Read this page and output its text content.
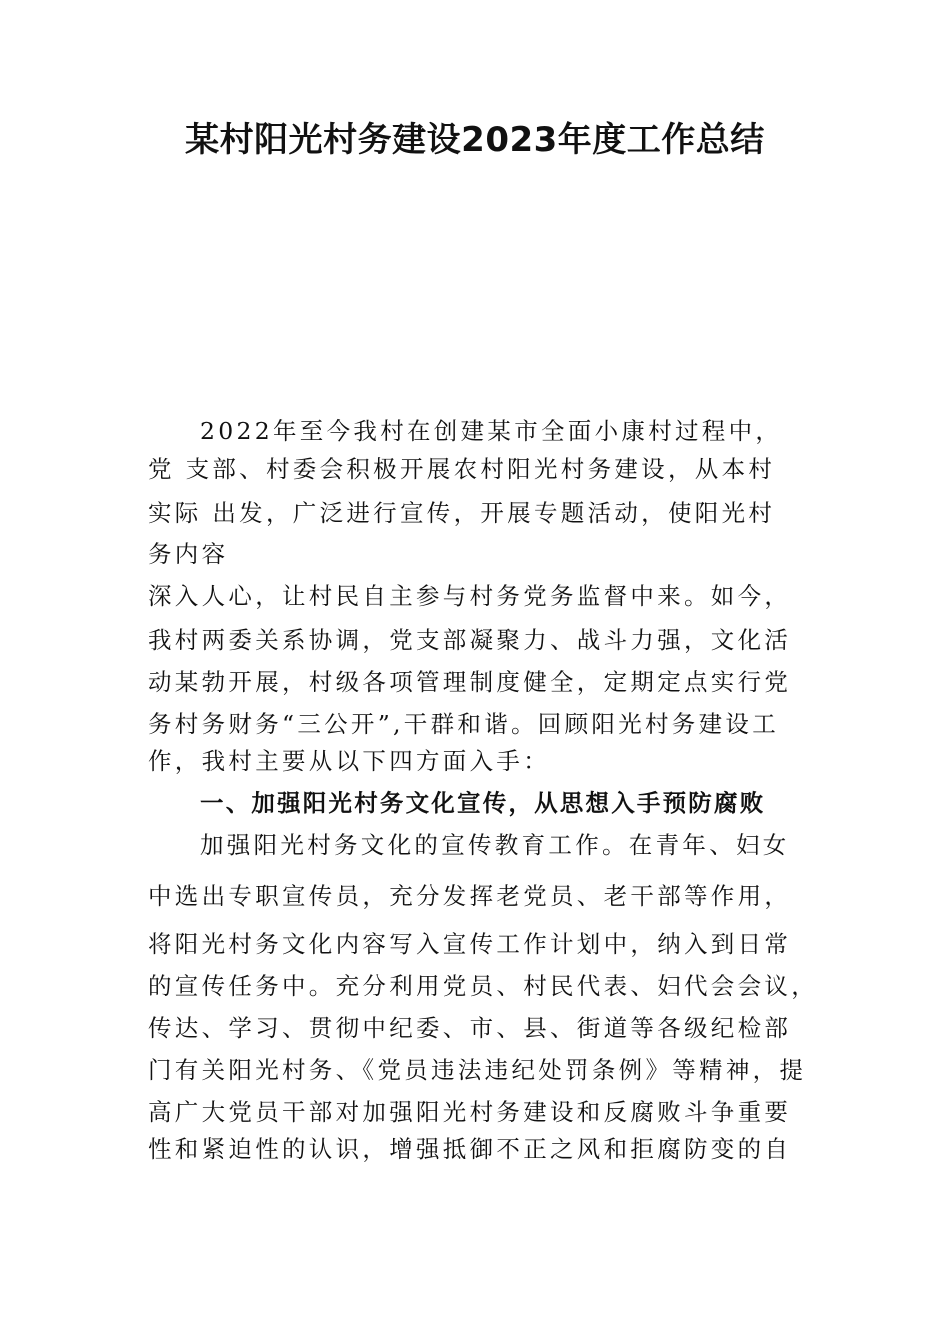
某村阳光村务建设2023年度工作总结

2022年至今我村在创建某市全面小康村过程中，

党 支部、村委会积极开展农村阳光村务建设，从本村

实际 出发，广泛进行宣传，开展专题活动，使阳光村

务内容

深入人心，让村民自主参与村务党务监督中来。如今，

我村两委关系协调，党支部凝聚力、战斗力强，文化活

动某勃开展，村级各项管理制度健全，定期定点实行党

务村务财务“三公开”,干群和谐。回顾阳光村务建设工

作，我村主要从以下四方面入手：

一、加强阳光村务文化宣传，从思想入手预防腐败

加强阳光村务文化的宣传教育工作。在青年、妇女

中选出专职宣传员，充分发挥老党员、老干部等作用，

将阳光村务文化内容写入宣传工作计划中，纳入到日常

的宣传任务中。充分利用党员、村民代表、妇代会会议，

传达、学习、贯彻中纪委、市、县、街道等各级纪检部

门有关阳光村务、《党员违法违纪处罚条例》等精神，提

高广大党员干部对加强阳光村务建设和反腐败斗争重要

性和紧迫性的认识，增强抵御不正之风和拒腐防变的自
